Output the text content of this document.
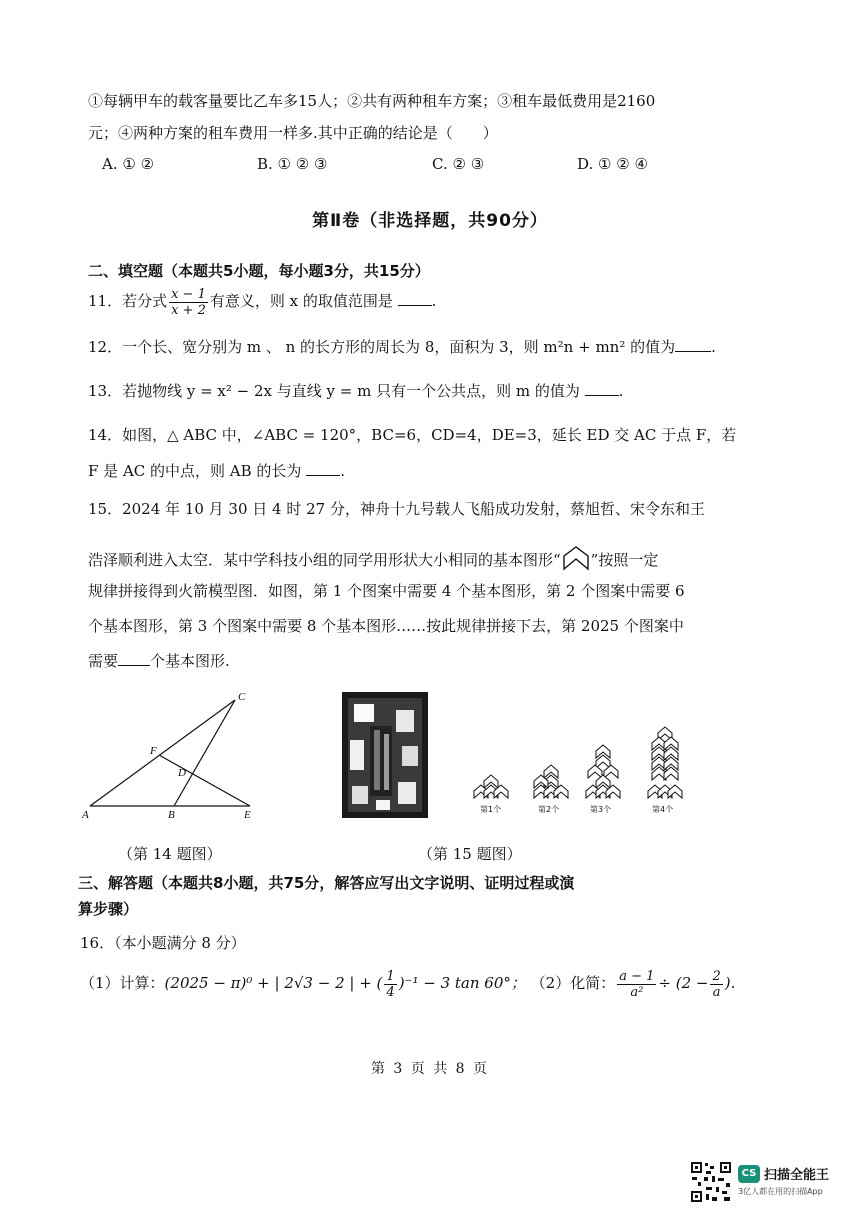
①每辆甲车的载客量要比乙车多15人；②共有两种租车方案；③租车最低费用是2160
元；④两种方案的租车费用一样多.其中正确的结论是（　　）
A. ① ②	B. ① ② ③	C. ② ③	D. ① ② ④
第Ⅱ卷（非选择题，共90分）
二、填空题（本题共5小题，每小题3分，共15分）
11．若分式 $\frac{x - 1}{x + 2}$ 有意义，则 x 的取值范围是	.
12．一个长、宽分别为 m 、 n 的长方形的周长为 8，面积为 3，则 m²n + mn² 的值为 .
13．若抛物线 y = x² − 2x 与直线 y = m 只有一个公共点，则 m 的值为	.
14．如图，△ ABC 中，∠ABC = 120°，BC=6，CD=4，DE=3，延长 ED 交 AC 于点 F，若
F 是 AC 的中点，则 AB 的长为	.
15．2024 年 10 月 30 日 4 时 27 分，神舟十九号载人飞船成功发射，蔡旭哲、宋令东和王
浩泽顺利进入太空．某中学科技小组的同学用形状大小相同的基本图形“ ”按照一定
规律拼接得到火箭模型图．如图，第 1 个图案中需要 4 个基本图形，第 2 个图案中需要 6
个基本图形，第 3 个图案中需要 8 个基本图形……按此规律拼接下去，第 2025 个图案中
需要 个基本图形.
C
F
D
A	B	E	第1个	第2个	第3个	第4个
（第 14 题图）	（第 15 题图）
三、解答题（本题共8小题，共75分，解答应写出文字说明、证明过程或演
算步骤）
16．（本小题满分 8 分）
（1）计算：(2025 − π)⁰ + | 2√3 − 2 | + ( $\frac{1}{4} )^{-1} - 3$ tan 60°； （2）化简： $\frac{a - 1}{\text{a²}} \div (2 - \frac{2}{a}$ ).
第 3 页 共 8 页
CS 扫描全能王
3亿人都在用的扫描App
